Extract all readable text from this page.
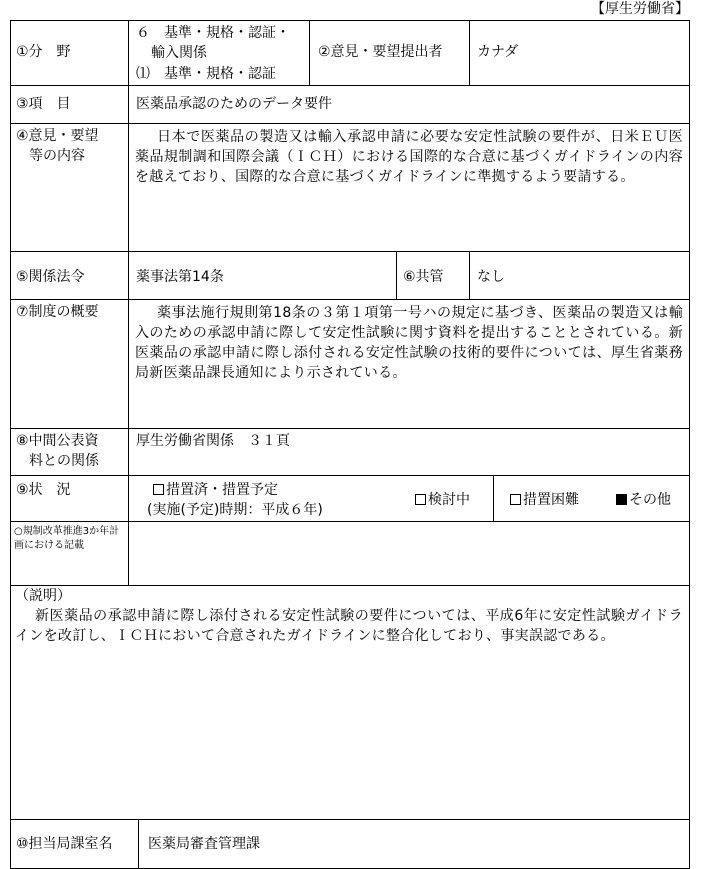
【厚生労働省】
①分　野
６　基準・規格・認証・
輸入関係
⑴　基準・規格・認証
②意見・要望提出者 カナダ
③項　目	医薬品承認のためのデータ要件
④意見・要望
等の内容
日本で医薬品の製造又は輸入承認申請に必要な安定性試験の要件が、日米ＥＵ医薬品規制調和国際会議（ＩＣＨ）における国際的な合意に基づくガイドラインの内容を越えており、国際的な合意に基づくガイドラインに準拠するよう要請する。
⑤関係法令	薬事法第14条	⑥共管 なし
⑦制度の概要	薬事法施行規則第18条の３第１項第一号ハの規定に基づき、医薬品の製造又は輸入のための承認申請に際して安定性試験に関す資料を提出することとされている。新医薬品の承認申請に際し添付される安定性試験の技術的要件については、厚生省薬務局新医薬品課長通知により示されている。
⑧中間公表資
料との関係
厚生労働省関係　３１頁
⑨状　況	措置済・措置予定
(実施(予定)時期：平成６年)
検討中	措置困難	その他
○規制改革推進3か年計画における記載
（説明）
新医薬品の承認申請に際し添付される安定性試験の要件については、平成6年に安定性試験ガイドラインを改訂し、ＩＣＨにおいて合意されたガイドラインに整合化しており、事実誤認である。
⑩担当局課室名	医薬局審査管理課
